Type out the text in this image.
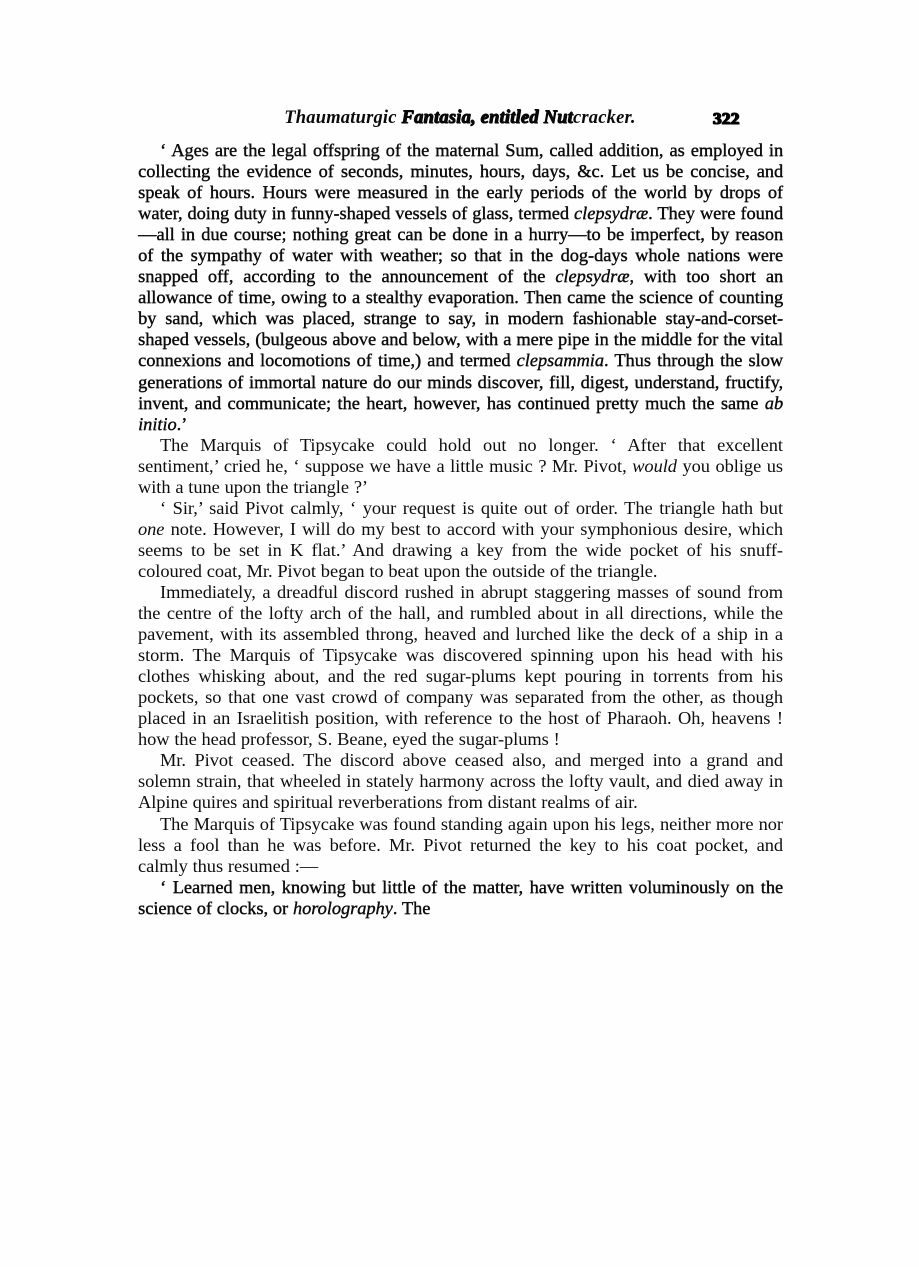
Thaumaturgic Fantasia, entitled Nutcracker.	322

‘ Ages are the legal offspring of the maternal Sum, called addition, as employed in collecting the evidence of seconds, minutes, hours, days, &c. Let us be concise, and speak of hours. Hours were measured in the early periods of the world by drops of water, doing duty in funny-shaped vessels of glass, termed clepsydræ. They were found—all in due course; nothing great can be done in a hurry—to be imperfect, by reason of the sympathy of water with weather; so that in the dog-days whole nations were snapped off, according to the announcement of the clepsydræ, with too short an allowance of time, owing to a stealthy evaporation. Then came the science of counting by sand, which was placed, strange to say, in modern fashionable stay-and-corset-shaped vessels, (bulgeous above and below, with a mere pipe in the middle for the vital connexions and locomotions of time,) and termed clepsammia. Thus through the slow generations of immortal nature do our minds discover, fill, digest, understand, fructify, invent, and communicate; the heart, however, has continued pretty much the same ab initio.’

The Marquis of Tipsycake could hold out no longer. ‘ After that excellent sentiment,’ cried he, ‘ suppose we have a little music ? Mr. Pivot, would you oblige us with a tune upon the triangle ?’

‘ Sir,’ said Pivot calmly, ‘ your request is quite out of order. The triangle hath but one note. However, I will do my best to accord with your symphonious desire, which seems to be set in K flat.’ And drawing a key from the wide pocket of his snuff-coloured coat, Mr. Pivot began to beat upon the outside of the triangle.

Immediately, a dreadful discord rushed in abrupt staggering masses of sound from the centre of the lofty arch of the hall, and rumbled about in all directions, while the pavement, with its assembled throng, heaved and lurched like the deck of a ship in a storm. The Marquis of Tipsycake was discovered spinning upon his head with his clothes whisking about, and the red sugar-plums kept pouring in torrents from his pockets, so that one vast crowd of company was separated from the other, as though placed in an Israelitish position, with reference to the host of Pharaoh. Oh, heavens ! how the head professor, S. Beane, eyed the sugar-plums !

Mr. Pivot ceased. The discord above ceased also, and merged into a grand and solemn strain, that wheeled in stately harmony across the lofty vault, and died away in Alpine quires and spiritual reverberations from distant realms of air.

The Marquis of Tipsycake was found standing again upon his legs, neither more nor less a fool than he was before. Mr. Pivot returned the key to his coat pocket, and calmly thus resumed :—

‘ Learned men, knowing but little of the matter, have written voluminously on the science of clocks, or horolography. The
